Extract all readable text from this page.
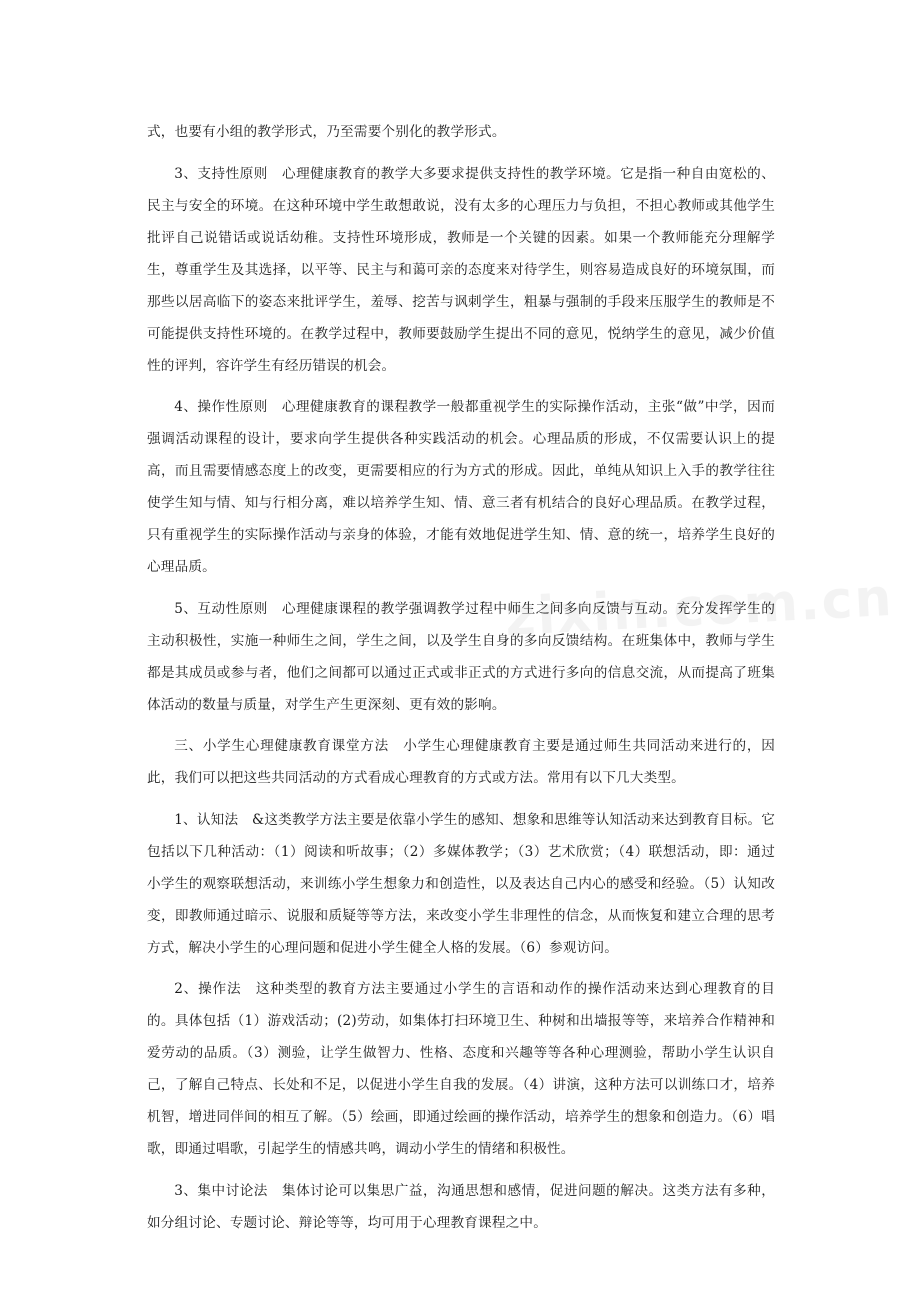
式，也要有小组的教学形式，乃至需要个别化的教学形式。

3、支持性原则　心理健康教育的教学大多要求提供支持性的教学环境。它是指一种自由宽松的、民主与安全的环境。在这种环境中学生敢想敢说，没有太多的心理压力与负担，不担心教师或其他学生批评自己说错话或说话幼稚。支持性环境形成，教师是一个关键的因素。如果一个教师能充分理解学生，尊重学生及其选择，以平等、民主与和蔼可亲的态度来对待学生，则容易造成良好的环境氛围，而那些以居高临下的姿态来批评学生，羞辱、挖苦与讽刺学生，粗暴与强制的手段来压服学生的教师是不可能提供支持性环境的。在教学过程中，教师要鼓励学生提出不同的意见，悦纳学生的意见，减少价值性的评判，容许学生有经历错误的机会。

4、操作性原则　心理健康教育的课程教学一般都重视学生的实际操作活动，主张“做”中学，因而强调活动课程的设计，要求向学生提供各种实践活动的机会。心理品质的形成，不仅需要认识上的提高，而且需要情感态度上的改变，更需要相应的行为方式的形成。因此，单纯从知识上入手的教学往往使学生知与情、知与行相分离，难以培养学生知、情、意三者有机结合的良好心理品质。在教学过程，只有重视学生的实际操作活动与亲身的体验，才能有效地促进学生知、情、意的统一，培养学生良好的心理品质。

5、互动性原则　心理健康课程的教学强调教学过程中师生之间多向反馈与互动。充分发挥学生的主动积极性，实施一种师生之间，学生之间，以及学生自身的多向反馈结构。在班集体中，教师与学生都是其成员或参与者，他们之间都可以通过正式或非正式的方式进行多向的信息交流，从而提高了班集体活动的数量与质量，对学生产生更深刻、更有效的影响。

三、小学生心理健康教育课堂方法　小学生心理健康教育主要是通过师生共同活动来进行的，因此，我们可以把这些共同活动的方式看成心理教育的方式或方法。常用有以下几大类型。

1、认知法　&这类教学方法主要是依靠小学生的感知、想象和思维等认知活动来达到教育目标。它包括以下几种活动：（1）阅读和听故事；（2）多媒体教学；（3）艺术欣赏；（4）联想活动，即：通过小学生的观察联想活动，来训练小学生想象力和创造性，以及表达自己内心的感受和经验。（5）认知改变，即教师通过暗示、说服和质疑等等方法，来改变小学生非理性的信念，从而恢复和建立合理的思考方式，解决小学生的心理问题和促进小学生健全人格的发展。（6）参观访问。

2、操作法　这种类型的教育方法主要通过小学生的言语和动作的操作活动来达到心理教育的目的。具体包括（1）游戏活动；(2)劳动，如集体打扫环境卫生、种树和出墙报等等，来培养合作精神和爱劳动的品质。（3）测验，让学生做智力、性格、态度和兴趣等等各种心理测验，帮助小学生认识自己，了解自己特点、长处和不足，以促进小学生自我的发展。（4）讲演，这种方法可以训练口才，培养机智，增进同伴间的相互了解。（5）绘画，即通过绘画的操作活动，培养学生的想象和创造力。（6）唱歌，即通过唱歌，引起学生的情感共鸣，调动小学生的情绪和积极性。

3、集中讨论法　集体讨论可以集思广益，沟通思想和感情，促进问题的解决。这类方法有多种，如分组讨论、专题讨论、辩论等等，均可用于心理教育课程之中。
